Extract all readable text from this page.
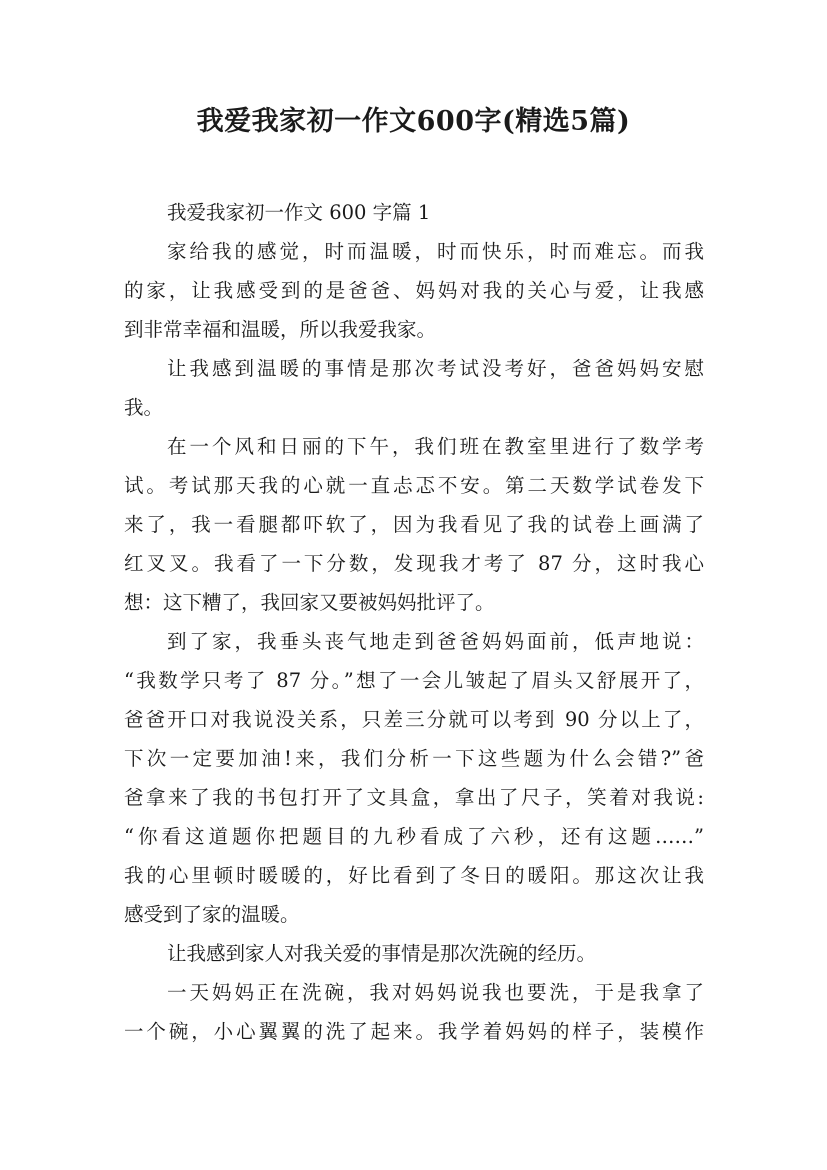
我爱我家初一作文600字(精选5篇)
我爱我家初一作文 600 字篇 1
家给我的感觉，时而温暖，时而快乐，时而难忘。而我
的家，让我感受到的是爸爸、妈妈对我的关心与爱，让我感
到非常幸福和温暖，所以我爱我家。
让我感到温暖的事情是那次考试没考好，爸爸妈妈安慰
我。
在一个风和日丽的下午，我们班在教室里进行了数学考
试。考试那天我的心就一直忐忑不安。第二天数学试卷发下
来了，我一看腿都吓软了，因为我看见了我的试卷上画满了
红叉叉。我看了一下分数，发现我才考了 87 分，这时我心
想：这下糟了，我回家又要被妈妈批评了。
到了家，我垂头丧气地走到爸爸妈妈面前，低声地说：
“我数学只考了 87 分。”想了一会儿皱起了眉头又舒展开了，
爸爸开口对我说没关系，只差三分就可以考到 90 分以上了，
下次一定要加油!来，我们分析一下这些题为什么会错?”爸
爸拿来了我的书包打开了文具盒，拿出了尺子，笑着对我说:
“你看这道题你把题目的九秒看成了六秒，还有这题……”
我的心里顿时暖暖的，好比看到了冬日的暖阳。那这次让我
感受到了家的温暖。
让我感到家人对我关爱的事情是那次洗碗的经历。
一天妈妈正在洗碗，我对妈妈说我也要洗，于是我拿了
一个碗，小心翼翼的洗了起来。我学着妈妈的样子，装模作
